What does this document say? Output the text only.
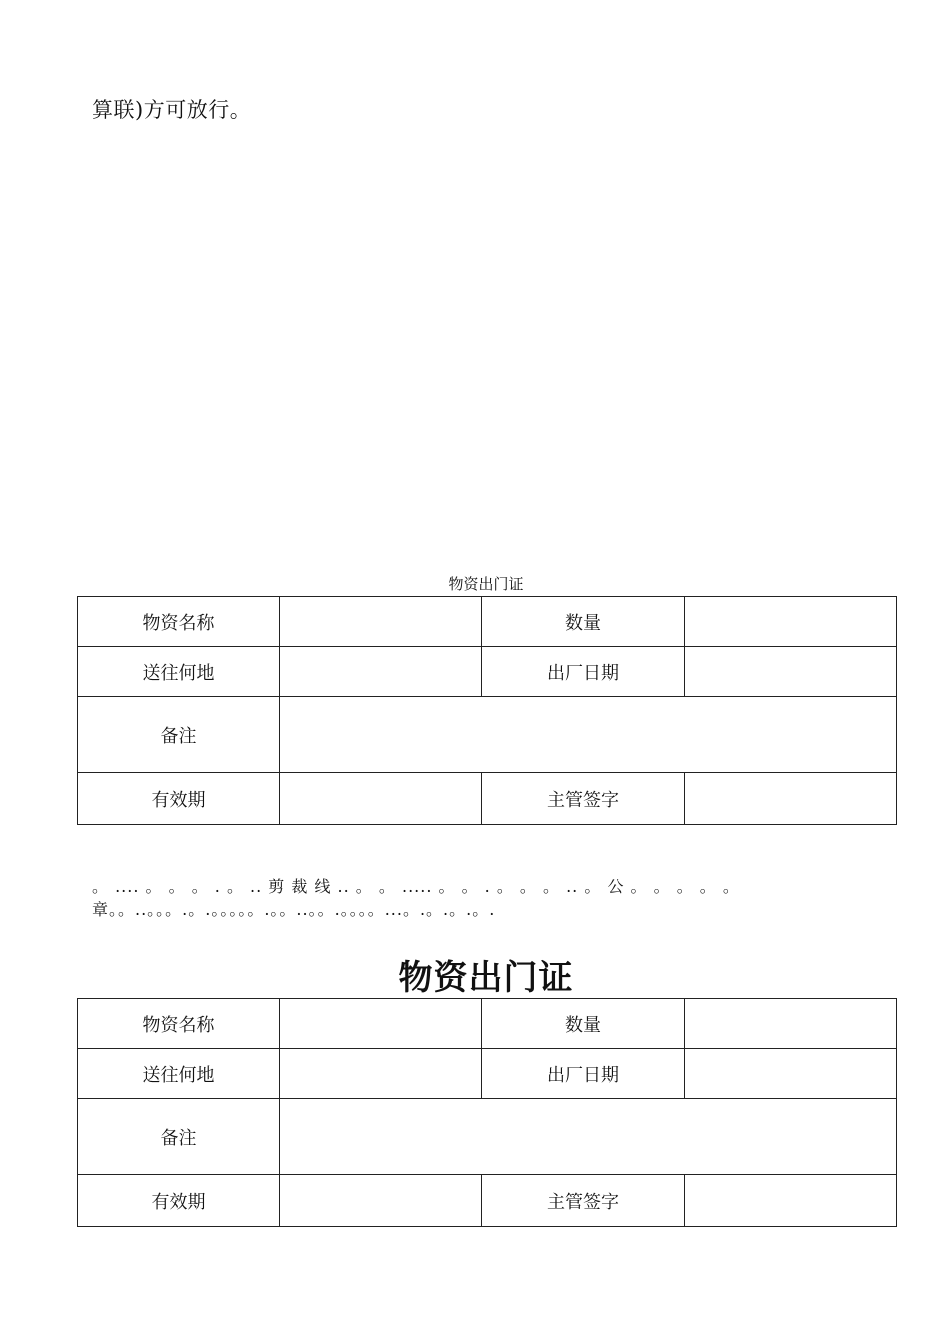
算联)方可放行。
物资出门证
物资名称		数量	
送往何地		出厂日期	
备注			
有效期		主管签字	
。 .... 。 。 。 . 。 .. 剪 裁 线 .. 。 。 ..... 。 。 . 。 。 。 .. 。 公 。 。 。 。 。 章。。..。。。.。.。。。。。.。。..。。.。。。。...。.。.。.。.
物资出门证
物资名称		数量	
送往何地		出厂日期	
备注			
有效期		主管签字	
